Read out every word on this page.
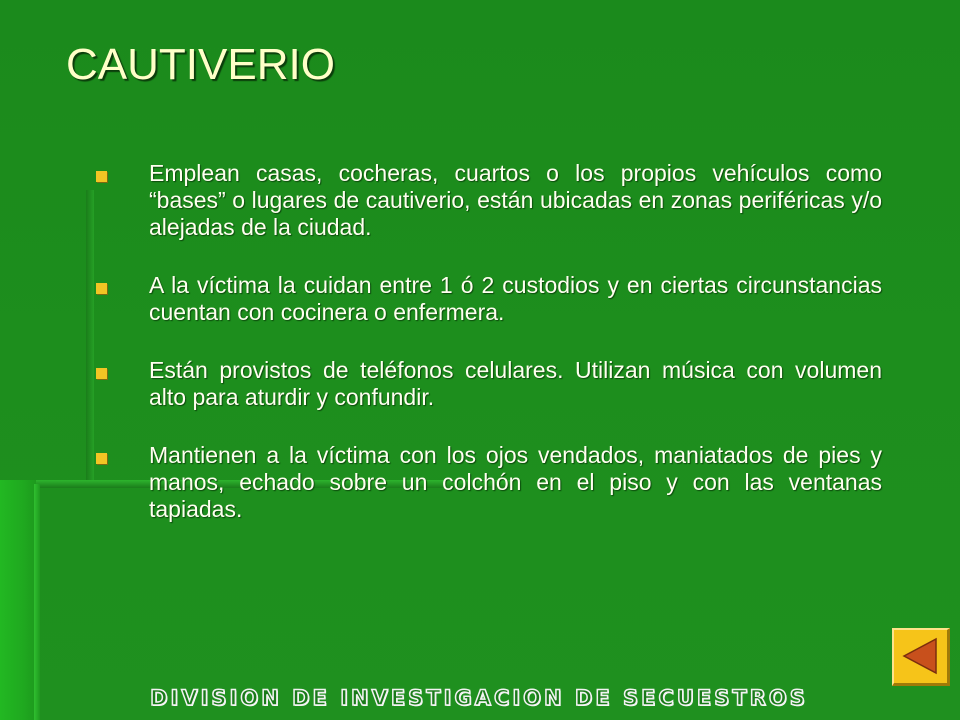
CAUTIVERIO
Emplean casas, cocheras, cuartos o los propios vehículos como “bases” o lugares de cautiverio, están ubicadas en zonas periféricas y/o alejadas de la ciudad.
A la víctima la cuidan entre 1 ó 2 custodios y en ciertas circunstancias cuentan con cocinera o enfermera.
Están provistos de teléfonos celulares. Utilizan música con volumen alto para aturdir y confundir.
Mantienen a la víctima con los ojos vendados, maniatados de pies y manos, echado sobre un colchón en el piso y con las ventanas tapiadas.

DIVISION DE INVESTIGACION DE SECUESTROS
